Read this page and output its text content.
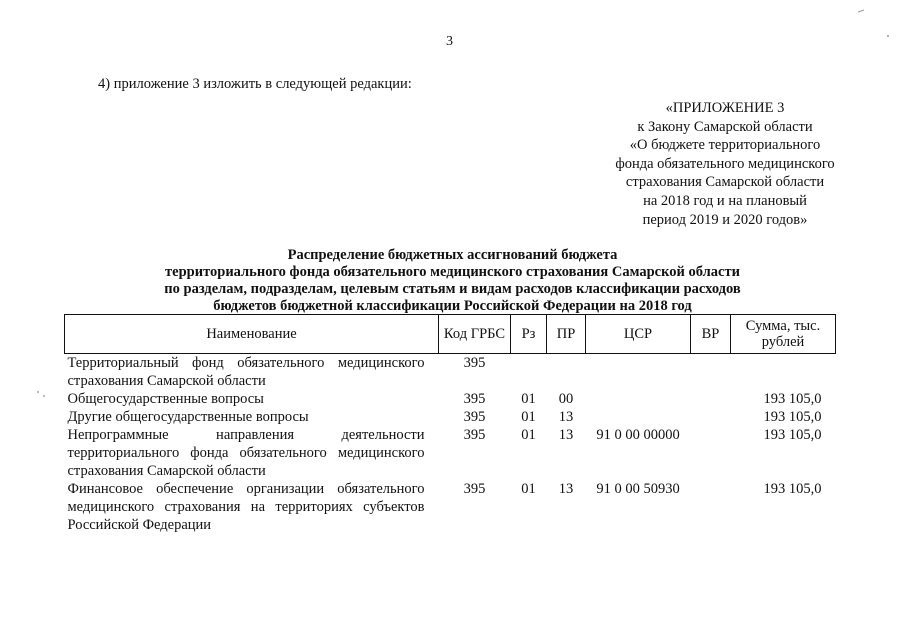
3
4) приложение 3 изложить в следующей редакции:
«ПРИЛОЖЕНИЕ 3
к Закону Самарской области
«О бюджете территориального
фонда обязательного медицинского
страхования Самарской области
на 2018 год и на плановый
период 2019 и 2020 годов»
Распределение бюджетных ассигнований бюджета
территориального фонда обязательного медицинского страхования Самарской области
по разделам, подразделам, целевым статьям и видам расходов классификации расходов
бюджетов бюджетной классификации Российской Федерации на 2018 год
Наименование	Код ГРБС	Рз	ПР	ЦСР	ВР	Сумма, тыс. рублей
Территориальный фонд обязательного медицинского страхования Самарской области	395					
Общегосударственные вопросы	395	01	00			193 105,0
Другие общегосударственные вопросы	395	01	13			193 105,0
Непрограммные направления деятельности территориального фонда обязательного медицинского страхования Самарской области	395	01	13	91 0 00 00000		193 105,0
Финансовое обеспечение организации обязательного медицинского страхования на территориях субъектов Российской Федерации	395	01	13	91 0 00 50930		193 105,0
